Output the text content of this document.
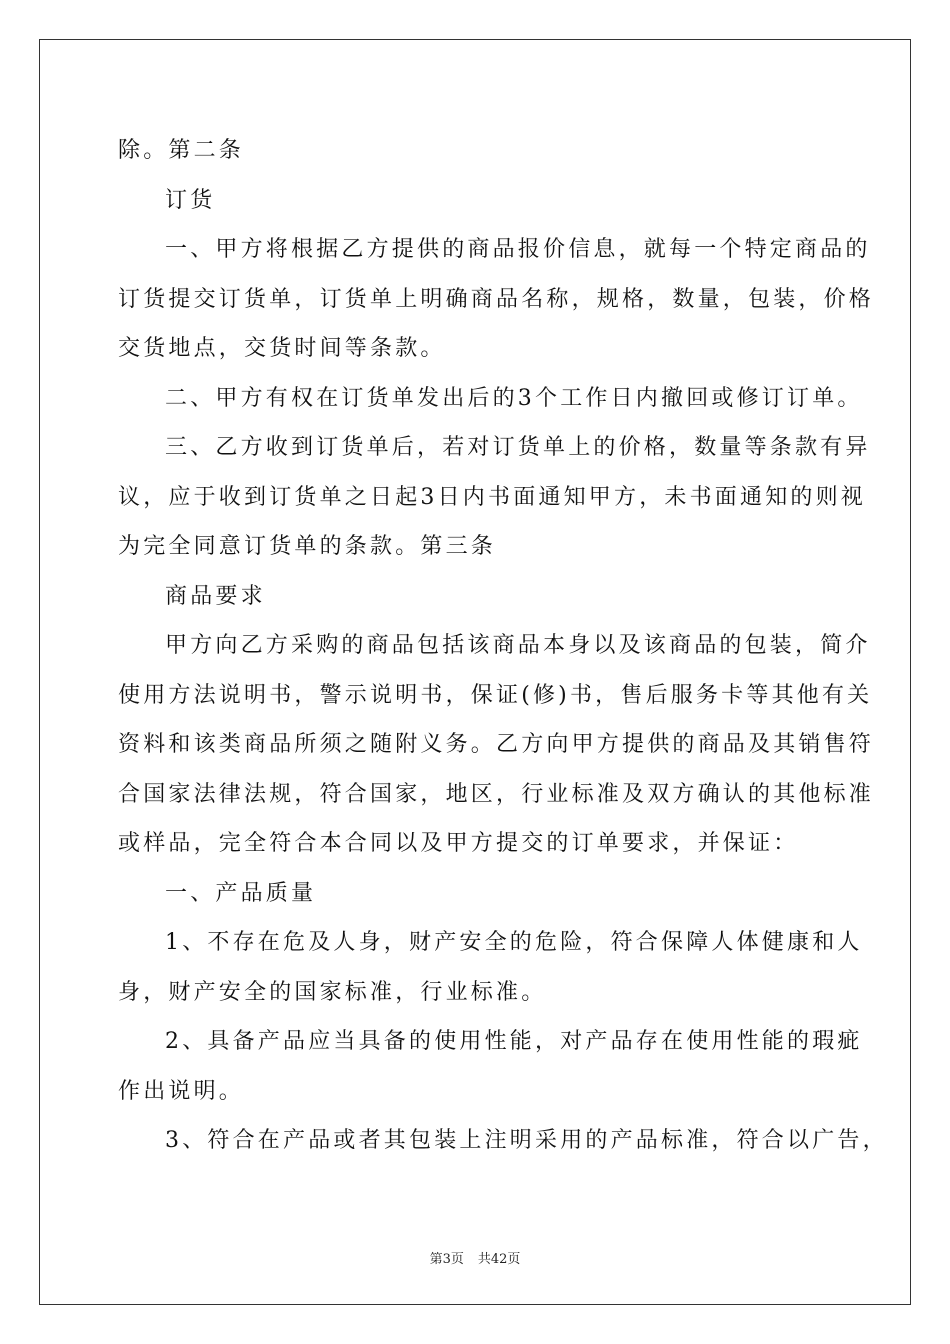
除。第二条
订货
一、甲方将根据乙方提供的商品报价信息，就每一个特定商品的
订货提交订货单，订货单上明确商品名称，规格，数量，包装，价格
交货地点，交货时间等条款。
二、甲方有权在订货单发出后的3个工作日内撤回或修订订单。
三、乙方收到订货单后，若对订货单上的价格，数量等条款有异
议，应于收到订货单之日起3日内书面通知甲方，未书面通知的则视
为完全同意订货单的条款。第三条
商品要求
甲方向乙方采购的商品包括该商品本身以及该商品的包装，简介
使用方法说明书，警示说明书，保证(修)书，售后服务卡等其他有关
资料和该类商品所须之随附义务。乙方向甲方提供的商品及其销售符
合国家法律法规，符合国家，地区，行业标准及双方确认的其他标准
或样品，完全符合本合同以及甲方提交的订单要求，并保证：
一、产品质量
1、不存在危及人身，财产安全的危险，符合保障人体健康和人
身，财产安全的国家标准，行业标准。
2、具备产品应当具备的使用性能，对产品存在使用性能的瑕疵
作出说明。
3、符合在产品或者其包装上注明采用的产品标准，符合以广告，
第3页 共42页
